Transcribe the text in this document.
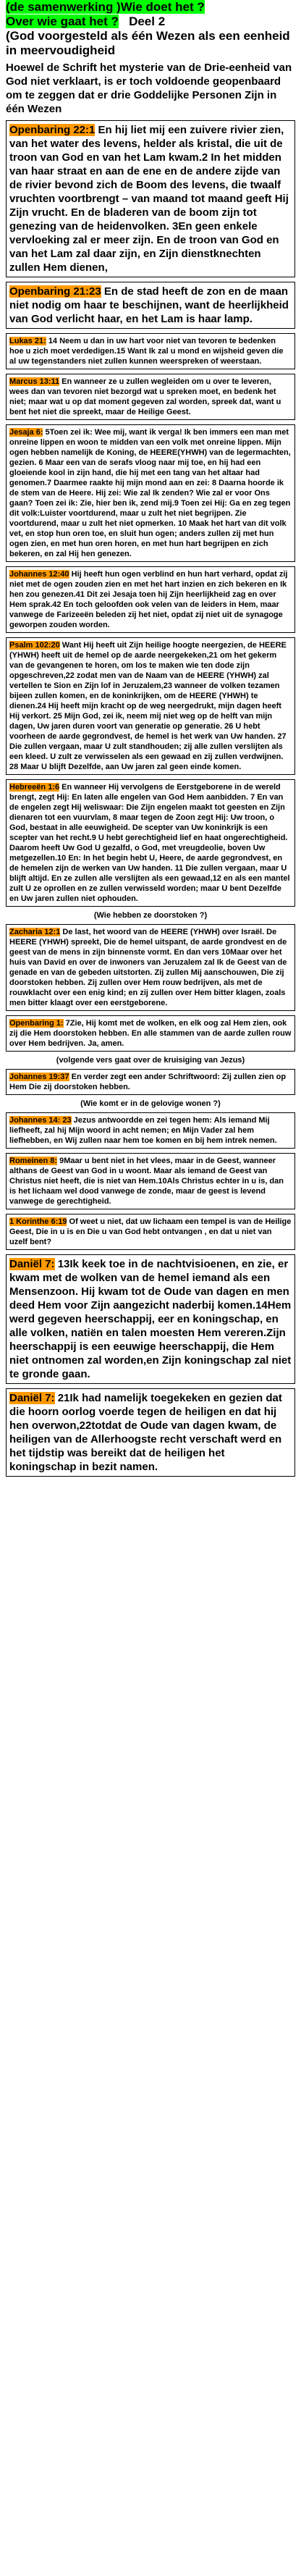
(de samenwerking )Wie doet het ?
Over wie gaat het ? Deel 2
(God voorgesteld als één Wezen als een eenheid in meervoudigheid
Hoewel de Schrift het mysterie van de Drie-eenheid van God niet verklaart, is er toch voldoende geopenbaard om te zeggen dat er drie Goddelijke Personen Zijn in één Wezen
Openbaring 22:1 En hij liet mij een zuivere rivier zien, van het water des levens, helder als kristal, die uit de troon van God en van het Lam kwam.2 In het midden van haar straat en aan de ene en de andere zijde van de rivier bevond zich de Boom des levens, die twaalf vruchten voortbrengt – van maand tot maand geeft Hij Zijn vrucht. En de bladeren van de boom zijn tot genezing van de heidenvolken. 3En geen enkele vervloeking zal er meer zijn. En de troon van God en van het Lam zal daar zijn, en Zijn dienstknechten zullen Hem dienen,
Openbaring 21:23 En de stad heeft de zon en de maan niet nodig om haar te beschijnen, want de heerlijkheid van God verlicht haar, en het Lam is haar lamp.
Lukas 21: 14 Neem u dan in uw hart voor niet van tevoren te bedenken hoe u zich moet verdedigen.15 Want Ik zal u mond en wijsheid geven die al uw tegenstanders niet zullen kunnen weerspreken of weerstaan.
Marcus 13:11 En wanneer ze u zullen wegleiden om u over te leveren, wees dan van tevoren niet bezorgd wat u spreken moet, en bedenk het niet; maar wat u op dat moment gegeven zal worden, spreek dat, want u bent het niet die spreekt, maar de Heilige Geest.
Jesaja 6: 5Toen zei ik: Wee mij, want ik verga! Ik ben immers een man met onreine lippen en woon te midden van een volk met onreine lippen. Mijn ogen hebben namelijk de Koning, de HEERE(YHWH) van de legermachten, gezien. 6 Maar een van de serafs vloog naar mij toe, en hij had een gloeiende kool in zijn hand, die hij met een tang van het altaar had genomen.7 Daarmee raakte hij mijn mond aan en zei: 8 Daarna hoorde ik de stem van de Heere. Hij zei: Wie zal Ik zenden? Wie zal er voor Ons gaan? Toen zei ik: Zie, hier ben ik, zend mij.9 Toen zei Hij: Ga en zeg tegen dit volk:Luister voortdurend, maar u zult het niet begrijpen. Zie voortdurend, maar u zult het niet opmerken. 10 Maak het hart van dit volk vet, en stop hun oren toe, en sluit hun ogen; anders zullen zij met hun ogen zien, en met hun oren horen, en met hun hart begrijpen en zich bekeren, en zal Hij hen genezen.
Johannes 12:40 Hij heeft hun ogen verblind en hun hart verhard, opdat zij niet met de ogen zouden zien en met het hart inzien en zich bekeren en Ik hen zou genezen.41 Dit zei Jesaja toen hij Zijn heerlijkheid zag en over Hem sprak.42 En toch geloofden ook velen van de leiders in Hem, maar vanwege de Farizeeën beleden zij het niet, opdat zij niet uit de synagoge geworpen zouden worden.
Psalm 102:20 Want Hij heeft uit Zijn heilige hoogte neergezien, de HEERE (YHWH) heeft uit de hemel op de aarde neergekeken,21 om het gekerm van de gevangenen te horen, om los te maken wie ten dode zijn opgeschreven,22 zodat men van de Naam van de HEERE (YHWH) zal vertellen te Sion en Zijn lof in Jeruzalem,23 wanneer de volken tezamen bijeen zullen komen, en de koninkrijken, om de HEERE (YHWH) te dienen.24 Hij heeft mijn kracht op de weg neergedrukt, mijn dagen heeft Hij verkort. 25 Mijn God, zei ik, neem mij niet weg op de helft van mijn dagen, Uw jaren duren voort van generatie op generatie. 26 U hebt voorheen de aarde gegrondvest, de hemel is het werk van Uw handen. 27 Die zullen vergaan, maar U zult standhouden; zij alle zullen verslijten als een kleed. U zult ze verwisselen als een gewaad en zij zullen verdwijnen. 28 Maar U blijft Dezelfde, aan Uw jaren zal geen einde komen.
Hebreeën 1:6 En wanneer Hij vervolgens de Eerstgeborene in de wereld brengt, zegt Hij: En laten alle engelen van God Hem aanbidden. 7 En van de engelen zegt Hij weliswaar: Die Zijn engelen maakt tot geesten en Zijn dienaren tot een vuurvlam, 8 maar tegen de Zoon zegt Hij: Uw troon, o God, bestaat in alle eeuwigheid. De scepter van Uw koninkrijk is een scepter van het recht.9 U hebt gerechtigheid lief en haat ongerechtigheid. Daarom heeft Uw God U gezalfd, o God, met vreugdeolie, boven Uw metgezellen.10 En: In het begin hebt U, Heere, de aarde gegrondvest, en de hemelen zijn de werken van Uw handen. 11 Die zullen vergaan, maar U blijft altijd. En ze zullen alle verslijten als een gewaad,12 en als een mantel zult U ze oprollen en ze zullen verwisseld worden; maar U bent Dezelfde en Uw jaren zullen niet ophouden.
(Wie hebben ze doorstoken ?)
Zacharia 12:1 De last, het woord van de HEERE (YHWH) over Israël. De HEERE (YHWH) spreekt, Die de hemel uitspant, de aarde grondvest en de geest van de mens in zijn binnenste vormt. En dan vers 10Maar over het huis van David en over de inwoners van Jeruzalem zal Ik de Geest van de genade en van de gebeden uitstorten. Zij zullen Mij aanschouwen, Die zij doorstoken hebben. Zij zullen over Hem rouw bedrijven, als met de rouwklacht over een enig kind; en zij zullen over Hem bitter klagen, zoals men bitter klaagt over een eerstgeborene.
Openbaring 1: 7Zie, Hij komt met de wolken, en elk oog zal Hem zien, ook zij die Hem doorstoken hebben. En alle stammen van de aarde zullen rouw over Hem bedrijven. Ja, amen.
(volgende vers gaat over de kruisiging van Jezus)
Johannes 19:37 En verder zegt een ander Schriftwoord: Zij zullen zien op Hem Die zij doorstoken hebben.
(Wie komt er in de gelovige wonen ?)
Johannes 14: 23 Jezus antwoordde en zei tegen hem: Als iemand Mij liefheeft, zal hij Mijn woord in acht nemen; en Mijn Vader zal hem liefhebben, en Wij zullen naar hem toe komen en bij hem intrek nemen.
Romeinen 8: 9Maar u bent niet in het vlees, maar in de Geest, wanneer althans de Geest van God in u woont. Maar als iemand de Geest van Christus niet heeft, die is niet van Hem.10Als Christus echter in u is, dan is het lichaam wel dood vanwege de zonde, maar de geest is levend vanwege de gerechtigheid.
1 Korinthe 6:19 Of weet u niet, dat uw lichaam een tempel is van de Heilige Geest, Die in u is en Die u van God hebt ontvangen , en dat u niet van uzelf bent?
Daniël 7: 13Ik keek toe in de nachtvisioenen, en zie, er kwam met de wolken van de hemel iemand als een Mensenzoon. Hij kwam tot de Oude van dagen en men deed Hem voor Zijn aangezicht naderbij komen.14Hem werd gegeven heerschappij, eer en koningschap, en alle volken, natiën en talen moesten Hem vereren.Zijn heerschappij is een eeuwige heerschappij, die Hem niet ontnomen zal worden,en Zijn koningschap zal niet te gronde gaan.
Daniël 7: 21Ik had namelijk toegekeken en gezien dat die hoorn oorlog voerde tegen de heiligen en dat hij hen overwon,22totdat de Oude van dagen kwam, de heiligen van de Allerhoogste recht verschaft werd en het tijdstip was bereikt dat de heiligen het koningschap in bezit namen.
